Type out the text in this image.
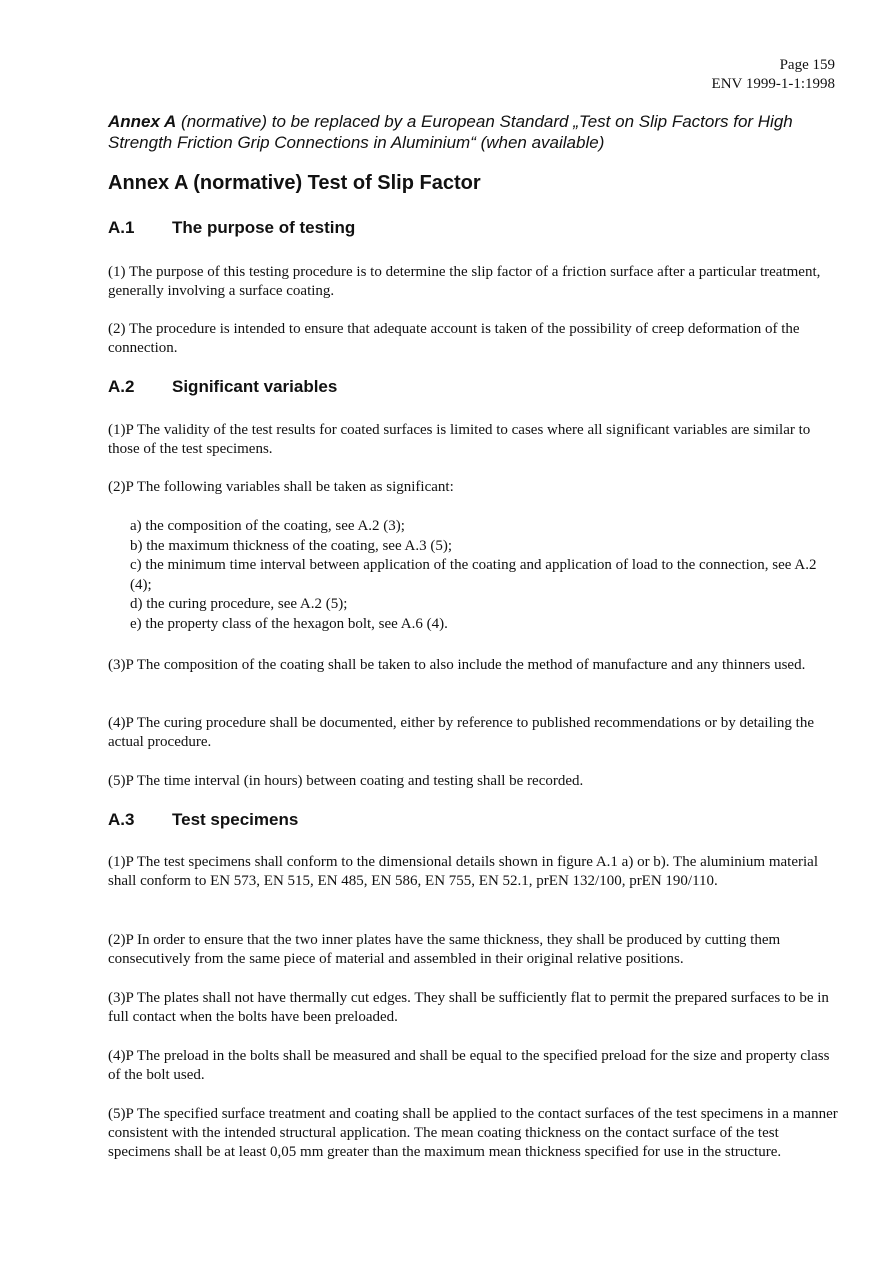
Page 159
ENV 1999-1-1:1998
Annex A (normative) to be replaced by a European Standard „Test on Slip Factors for High Strength Friction Grip Connections in Aluminium“ (when available)
Annex A (normative) Test of Slip Factor
A.1 The purpose of testing

(1) The purpose of this testing procedure is to determine the slip factor of a friction surface after a particular treatment, generally involving a surface coating.

(2) The procedure is intended to ensure that adequate account is taken of the possibility of creep deformation of the connection.

A.2 Significant variables

(1)P The validity of the test results for coated surfaces is limited to cases where all significant variables are similar to those of the test specimens.

(2)P The following variables shall be taken as significant:

a) the composition of the coating, see A.2 (3);
b) the maximum thickness of the coating, see A.3 (5);
c) the minimum time interval between application of the coating and application of load to the connection, see A.2 (4);
d) the curing procedure, see A.2 (5);
e) the property class of the hexagon bolt, see A.6 (4).

(3)P The composition of the coating shall be taken to also include the method of manufacture and any thinners used.

(4)P The curing procedure shall be documented, either by reference to published recommendations or by detailing the actual procedure.

(5)P The time interval (in hours) between coating and testing shall be recorded.

A.3 Test specimens

(1)P The test specimens shall conform to the dimensional details shown in figure A.1 a) or b). The aluminium material shall conform to EN 573, EN 515, EN 485, EN 586, EN 755, EN 52.1, prEN 132/100, prEN 190/110.

(2)P In order to ensure that the two inner plates have the same thickness, they shall be produced by cutting them consecutively from the same piece of material and assembled in their original relative positions.

(3)P The plates shall not have thermally cut edges. They shall be sufficiently flat to permit the prepared surfaces to be in full contact when the bolts have been preloaded.

(4)P The preload in the bolts shall be measured and shall be equal to the specified preload for the size and property class of the bolt used.

(5)P The specified surface treatment and coating shall be applied to the contact surfaces of the test specimens in a manner consistent with the intended structural application. The mean coating thickness on the contact surface of the test specimens shall be at least 0,05 mm greater than the maximum mean thickness specified for use in the structure.
